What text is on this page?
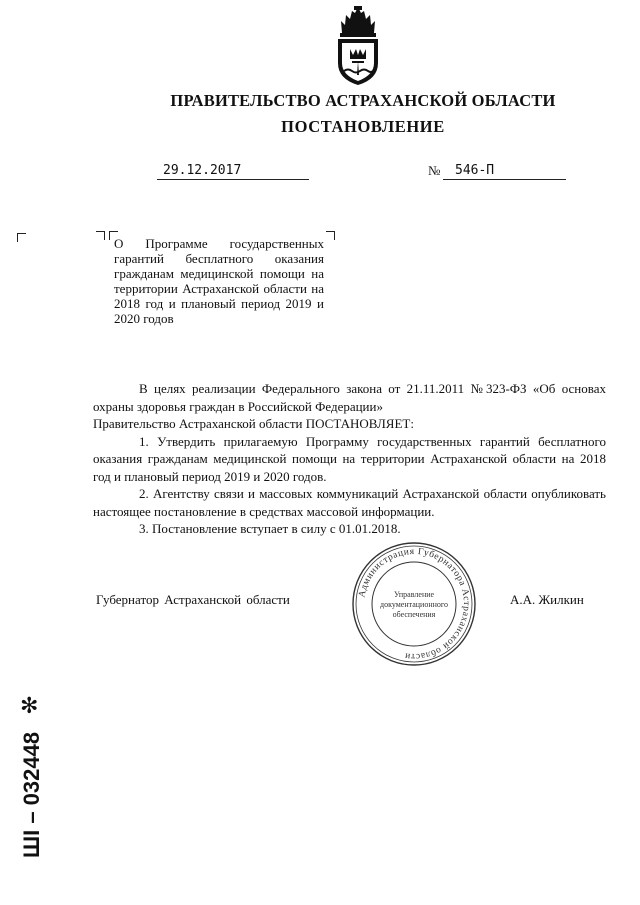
ПРАВИТЕЛЬСТВО АСТРАХАНСКОЙ ОБЛАСТИ
ПОСТАНОВЛЕНИЕ
29.12.2017	№	546-П
О Программе государственных гарантий бесплатного оказания гражданам медицинской помощи на территории Астраханской области на 2018 год и плановый период 2019 и 2020 годов

В целях реализации Федерального закона от 21.11.2011 №323-ФЗ «Об основах охраны здоровья граждан в Российской Федерации»

Правительство Астраханской области ПОСТАНОВЛЯЕТ:

1. Утвердить прилагаемую Программу государственных гарантий бесплатного оказания гражданам медицинской помощи на территории Астраханской области на 2018 год и плановый период 2019 и 2020 годов.

2. Агентству связи и массовых коммуникаций Астраханской области опубликовать настоящее постановление в средствах массовой информации.

3. Постановление вступает в силу с 01.01.2018.

Губернатор Астраханской области	А.А. Жилкин
Администрация Губернатора Астраханской области
Управление
документационного
обеспечения
ШI – 032448
✻
